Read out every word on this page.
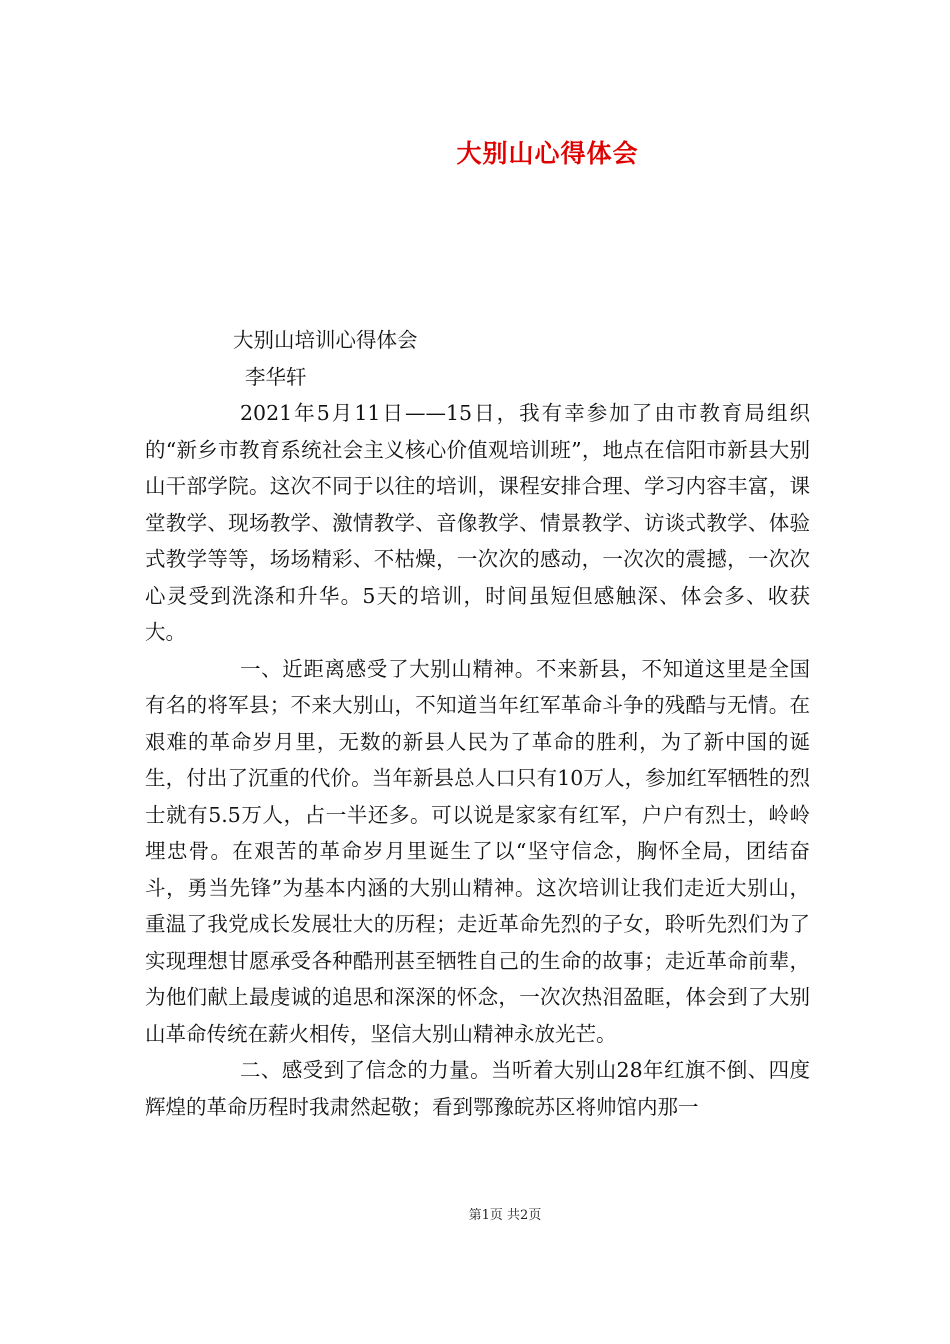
大别山心得体会
大别山培训心得体会
李华轩

2021年5月11日——15日，我有幸参加了由市教育局组织的“新乡市教育系统社会主义核心价值观培训班”，地点在信阳市新县大别山干部学院。这次不同于以往的培训，课程安排合理、学习内容丰富，课堂教学、现场教学、激情教学、音像教学、情景教学、访谈式教学、体验式教学等等，场场精彩、不枯燥，一次次的感动，一次次的震撼，一次次心灵受到洗涤和升华。5天的培训，时间虽短但感触深、体会多、收获大。

一、近距离感受了大别山精神。不来新县，不知道这里是全国有名的将军县；不来大别山，不知道当年红军革命斗争的残酷与无情。在艰难的革命岁月里，无数的新县人民为了革命的胜利，为了新中国的诞生，付出了沉重的代价。当年新县总人口只有10万人，参加红军牺牲的烈士就有5.5万人，占一半还多。可以说是家家有红军，户户有烈士，岭岭埋忠骨。在艰苦的革命岁月里诞生了以“坚守信念，胸怀全局，团结奋斗，勇当先锋”为基本内涵的大别山精神。这次培训让我们走近大别山，重温了我党成长发展壮大的历程；走近革命先烈的子女，聆听先烈们为了实现理想甘愿承受各种酷刑甚至牺牲自己的生命的故事；走近革命前辈，为他们献上最虔诚的追思和深深的怀念，一次次热泪盈眶，体会到了大别山革命传统在薪火相传，坚信大别山精神永放光芒。

二、感受到了信念的力量。当听着大别山28年红旗不倒、四度辉煌的革命历程时我肃然起敬；看到鄂豫皖苏区将帅馆内那一

第1页 共2页
